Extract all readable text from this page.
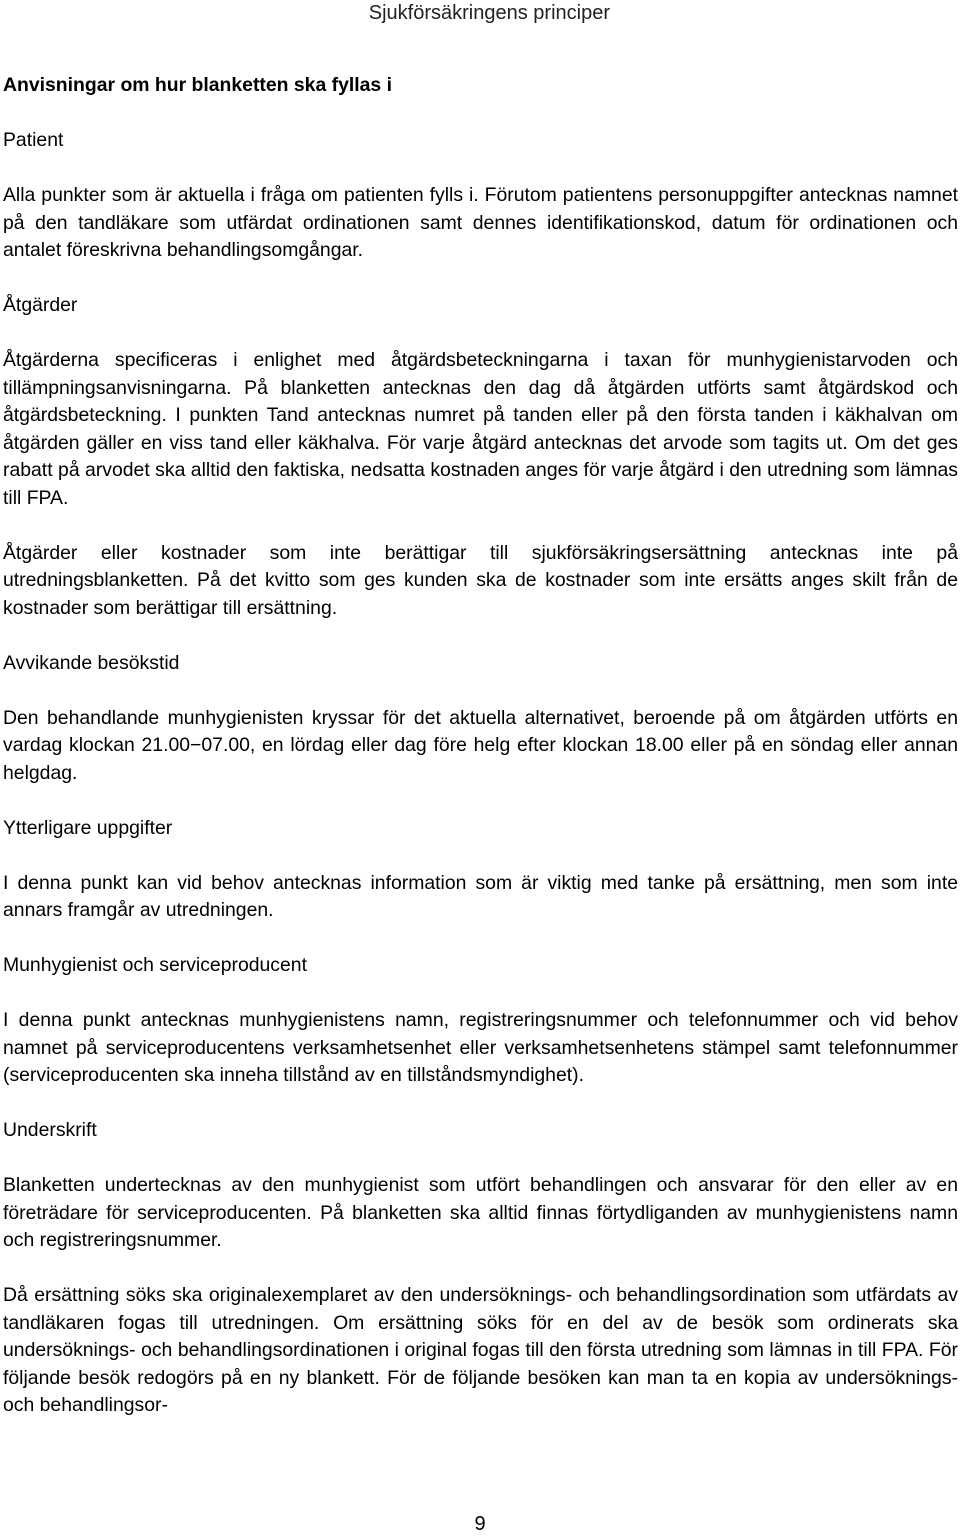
Sjukförsäkringens principer

Anvisningar om hur blanketten ska fyllas i

Patient

Alla punkter som är aktuella i fråga om patienten fylls i. Förutom patientens personuppgifter antecknas namnet på den tandläkare som utfärdat ordinationen samt dennes identifikationskod, datum för ordinationen och antalet föreskrivna behandlingsomgångar.

Åtgärder

Åtgärderna specificeras i enlighet med åtgärdsbeteckningarna i taxan för munhygienistarvoden och tillämpningsanvisningarna. På blanketten antecknas den dag då åtgärden utförts samt åtgärdskod och åtgärdsbeteckning. I punkten Tand antecknas numret på tanden eller på den första tanden i käkhalvan om åtgärden gäller en viss tand eller käkhalva. För varje åtgärd antecknas det arvode som tagits ut. Om det ges rabatt på arvodet ska alltid den faktiska, nedsatta kostnaden anges för varje åtgärd i den utredning som lämnas till FPA.

Åtgärder eller kostnader som inte berättigar till sjukförsäkringsersättning antecknas inte på utredningsblanketten. På det kvitto som ges kunden ska de kostnader som inte ersätts anges skilt från de kostnader som berättigar till ersättning.

Avvikande besökstid

Den behandlande munhygienisten kryssar för det aktuella alternativet, beroende på om åtgärden utförts en vardag klockan 21.00−07.00, en lördag eller dag före helg efter klockan 18.00 eller på en söndag eller annan helgdag.

Ytterligare uppgifter

I denna punkt kan vid behov antecknas information som är viktig med tanke på ersättning, men som inte annars framgår av utredningen.

Munhygienist och serviceproducent

I denna punkt antecknas munhygienistens namn, registreringsnummer och telefonnummer och vid behov namnet på serviceproducentens verksamhetsenhet eller verksamhetsenhetens stämpel samt telefonnummer (serviceproducenten ska inneha tillstånd av en tillståndsmyndighet).

Underskrift

Blanketten undertecknas av den munhygienist som utfört behandlingen och ansvarar för den eller av en företrädare för serviceproducenten. På blanketten ska alltid finnas förtydliganden av munhygienistens namn och registreringsnummer.

Då ersättning söks ska originalexemplaret av den undersöknings- och behandlingsordination som utfärdats av tandläkaren fogas till utredningen. Om ersättning söks för en del av de besök som ordinerats ska undersöknings- och behandlingsordinationen i original fogas till den första utredning som lämnas in till FPA. För följande besök redogörs på en ny blankett. För de följande besöken kan man ta en kopia av undersöknings- och behandlingsor-

9
